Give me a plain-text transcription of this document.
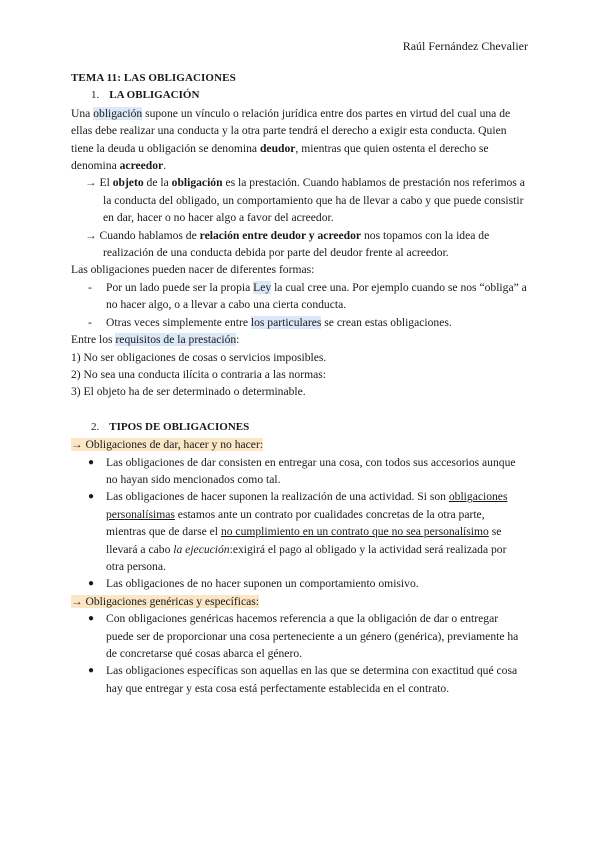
Raúl Fernández Chevalier
TEMA 11: LAS OBLIGACIONES
1. LA OBLIGACIÓN

Una obligación supone un vínculo o relación jurídica entre dos partes en virtud del cual una de ellas debe realizar una conducta y la otra parte tendrá el derecho a exigir esta conducta. Quien tiene la deuda u obligación se denomina deudor, mientras que quien ostenta el derecho se denomina acreedor.

→ El objeto de la obligación es la prestación. Cuando hablamos de prestación nos referimos a la conducta del obligado, un comportamiento que ha de llevar a cabo y que puede consistir en dar, hacer o no hacer algo a favor del acreedor.

→ Cuando hablamos de relación entre deudor y acreedor nos topamos con la idea de realización de una conducta debida por parte del deudor frente al acreedor.

Las obligaciones pueden nacer de diferentes formas:

- Por un lado puede ser la propia Ley la cual cree una. Por ejemplo cuando se nos “obliga” a no hacer algo, o a llevar a cabo una cierta conducta.
- Otras veces simplemente entre los particulares se crean estas obligaciones.

Entre los requisitos de la prestación:

1) No ser obligaciones de cosas o servicios imposibles.

2) No sea una conducta ilícita o contraria a las normas:

3) El objeto ha de ser determinado o determinable.

2. TIPOS DE OBLIGACIONES

→ Obligaciones de dar, hacer y no hacer:

● Las obligaciones de dar consisten en entregar una cosa, con todos sus accesorios aunque no hayan sido mencionados como tal.
● Las obligaciones de hacer suponen la realización de una actividad. Si son obligaciones personalísimas estamos ante un contrato por cualidades concretas de la otra parte, mientras que de darse el no cumplimiento en un contrato que no sea personalísimo se llevará a cabo la ejecución:exigirá el pago al obligado y la actividad será realizada por otra persona.
● Las obligaciones de no hacer suponen un comportamiento omisivo.

→ Obligaciones genéricas y específicas:

● Con obligaciones genéricas hacemos referencia a que la obligación de dar o entregar puede ser de proporcionar una cosa perteneciente a un género (genérica), previamente ha de concretarse qué cosas abarca el género.
● Las obligaciones específicas son aquellas en las que se determina con exactitud qué cosa hay que entregar y esta cosa está perfectamente establecida en el contrato.
